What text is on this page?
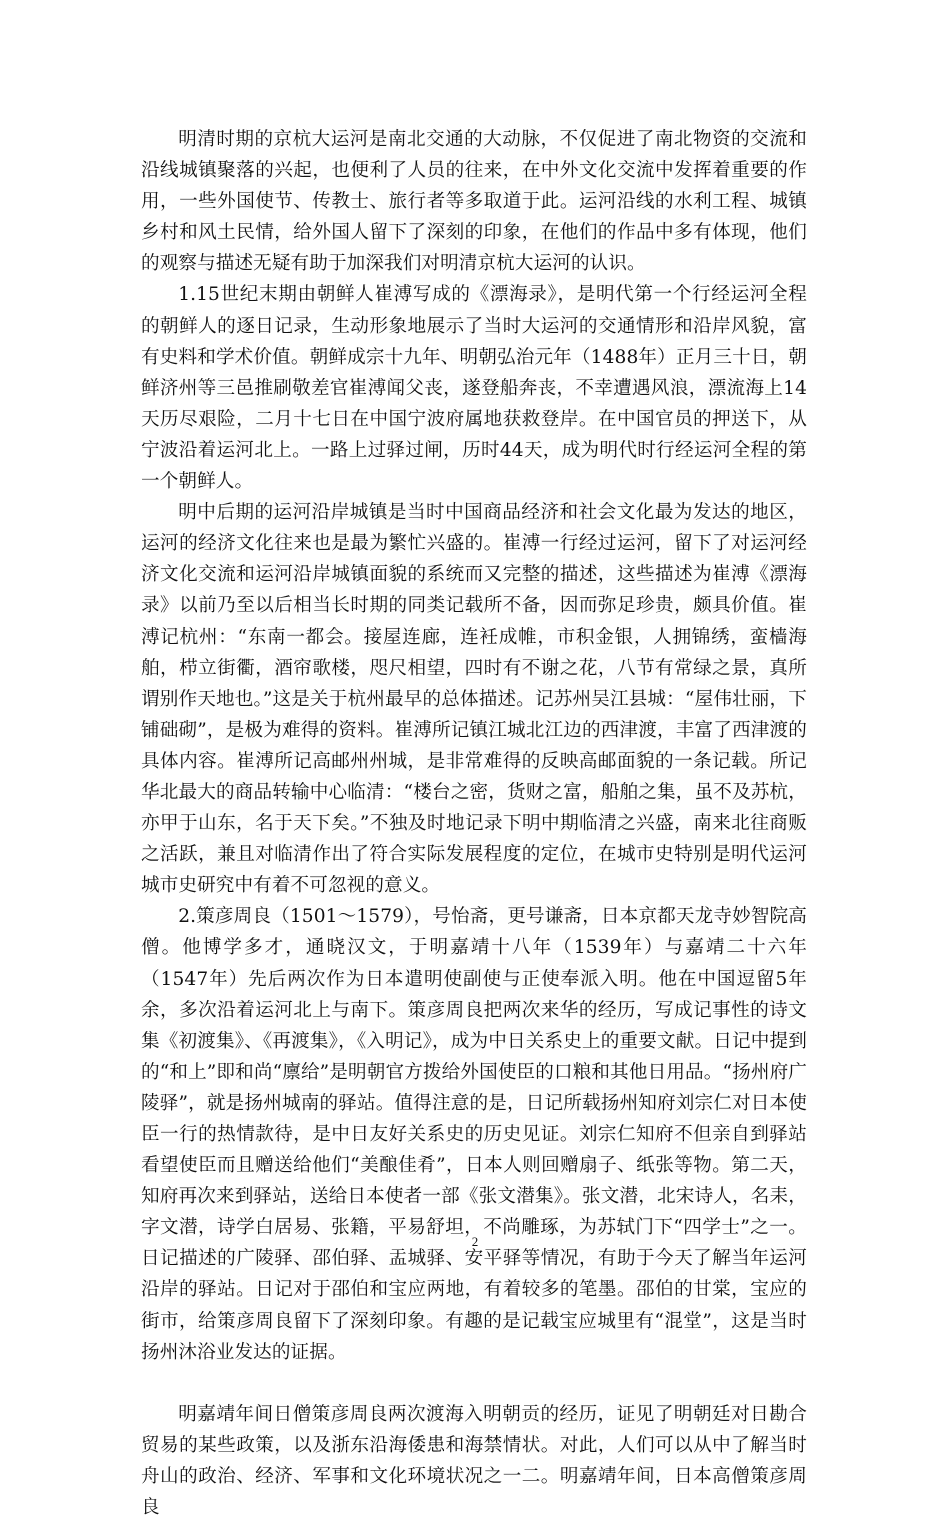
明清时期的京杭大运河是南北交通的大动脉，不仅促进了南北物资的交流和沿线城镇聚落的兴起，也便利了人员的往来，在中外文化交流中发挥着重要的作用，一些外国使节、传教士、旅行者等多取道于此。运河沿线的水利工程、城镇乡村和风土民情，给外国人留下了深刻的印象，在他们的作品中多有体现，他们的观察与描述无疑有助于加深我们对明清京杭大运河的认识。

1.15世纪末期由朝鲜人崔溥写成的《漂海录》，是明代第一个行经运河全程的朝鲜人的逐日记录，生动形象地展示了当时大运河的交通情形和沿岸风貌，富有史料和学术价值。朝鲜成宗十九年、明朝弘治元年（1488年）正月三十日，朝鲜济州等三邑推刷敬差官崔溥闻父丧，遂登船奔丧，不幸遭遇风浪，漂流海上14天历尽艰险，二月十七日在中国宁波府属地获救登岸。在中国官员的押送下，从宁波沿着运河北上。一路上过驿过闸，历时44天，成为明代时行经运河全程的第一个朝鲜人。

明中后期的运河沿岸城镇是当时中国商品经济和社会文化最为发达的地区，运河的经济文化往来也是最为繁忙兴盛的。崔溥一行经过运河，留下了对运河经济文化交流和运河沿岸城镇面貌的系统而又完整的描述，这些描述为崔溥《漂海录》以前乃至以后相当长时期的同类记载所不备，因而弥足珍贵，颇具价值。崔溥记杭州：“东南一都会。接屋连廊，连衽成帷，市积金银，人拥锦绣，蛮樯海舶，栉立街衢，酒帘歌楼，咫尺相望，四时有不谢之花，八节有常绿之景，真所谓别作天地也。”这是关于杭州最早的总体描述。记苏州吴江县城：“屋伟壮丽，下铺础砌”，是极为难得的资料。崔溥所记镇江城北江边的西津渡，丰富了西津渡的具体内容。崔溥所记高邮州州城，是非常难得的反映高邮面貌的一条记载。所记华北最大的商品转输中心临清：“楼台之密，货财之富，船舶之集，虽不及苏杭，亦甲于山东，名于天下矣。”不独及时地记录下明中期临清之兴盛，南来北往商贩之活跃，兼且对临清作出了符合实际发展程度的定位，在城市史特别是明代运河城市史研究中有着不可忽视的意义。

2.策彦周良（1501～1579），号怡斋，更号谦斋，日本京都天龙寺妙智院高僧。他博学多才，通晓汉文，于明嘉靖十八年（1539年）与嘉靖二十六年（1547年）先后两次作为日本遣明使副使与正使奉派入明。他在中国逗留5年余，多次沿着运河北上与南下。策彦周良把两次来华的经历，写成记事性的诗文集《初渡集》、《再渡集》，《入明记》，成为中日关系史上的重要文献。日记中提到的“和上”即和尚“廪给”是明朝官方拨给外国使臣的口粮和其他日用品。“扬州府广陵驿”，就是扬州城南的驿站。值得注意的是，日记所载扬州知府刘宗仁对日本使臣一行的热情款待，是中日友好关系史的历史见证。刘宗仁知府不但亲自到驿站看望使臣而且赠送给他们“美酿佳肴”，日本人则回赠扇子、纸张等物。第二天，知府再次来到驿站，送给日本使者一部《张文潜集》。张文潜，北宋诗人，名耒，字文潜，诗学白居易、张籍，平易舒坦，不尚雕琢，为苏轼门下“四学士”之一。日记描述的广陵驿、邵伯驿、盂城驿、安平驿等情况，有助于今天了解当年运河沿岸的驿站。日记对于邵伯和宝应两地，有着较多的笔墨。邵伯的甘棠，宝应的街市，给策彦周良留下了深刻印象。有趣的是记载宝应城里有“混堂”，这是当时扬州沐浴业发达的证据。

明嘉靖年间日僧策彦周良两次渡海入明朝贡的经历，证见了明朝廷对日勘合贸易的某些政策，以及浙东沿海倭患和海禁情状。对此，人们可以从中了解当时舟山的政治、经济、军事和文化环境状况之一二。明嘉靖年间，日本高僧策彦周良

2
